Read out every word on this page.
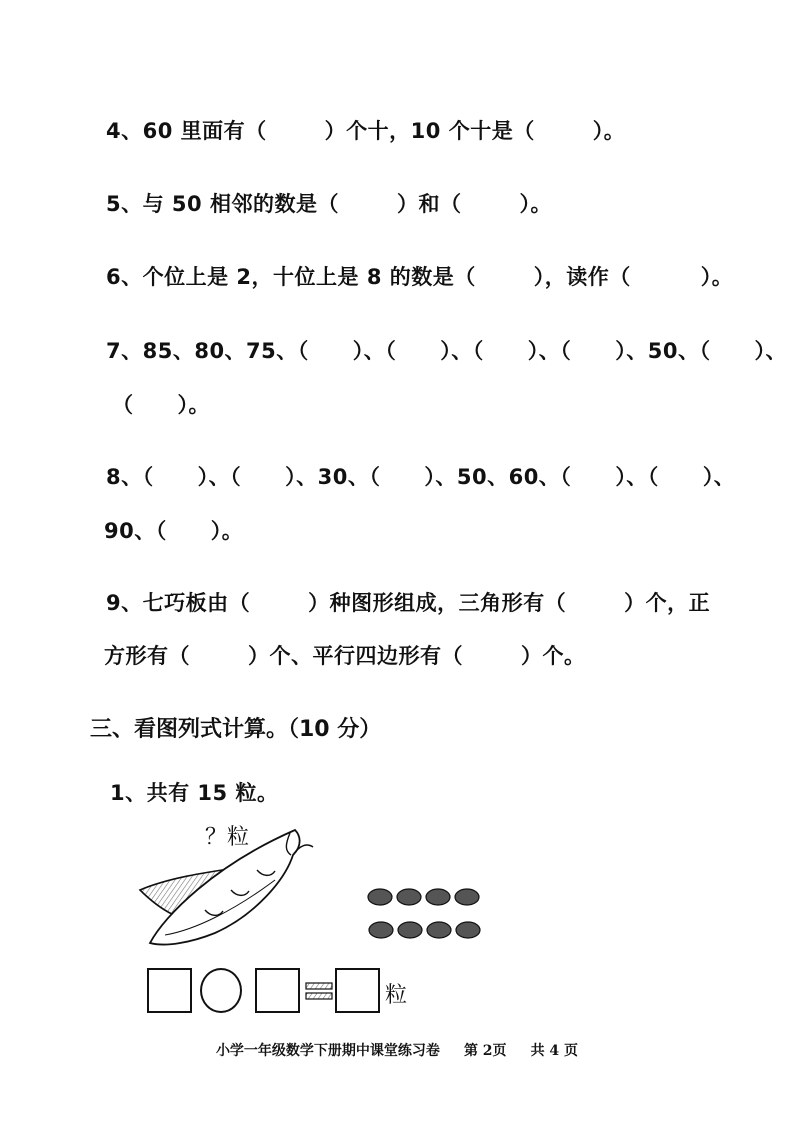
4、60 里面有（	）个十，10 个十是（	）。
5、与 50 相邻的数是（	）和（	）。
6、个位上是 2，十位上是 8 的数是（	），读作（	）。
7、85、80、75、（ ）、（ ）、（ ）、（ ）、50、（ ）、
（ ）。
8、（ ）、（ ）、30、（ ）、50、60、（ ）、（ ）、
90、（ ）。
9、七巧板由（	）种图形组成，三角形有（	）个，正
方形有（	）个、平行四边形有（	）个。
三、看图列式计算。（10 分）
1、共有 15 粒。
？粒
粒
小学一年级数学下册期中课堂练习卷 第 2页 共 4 页
